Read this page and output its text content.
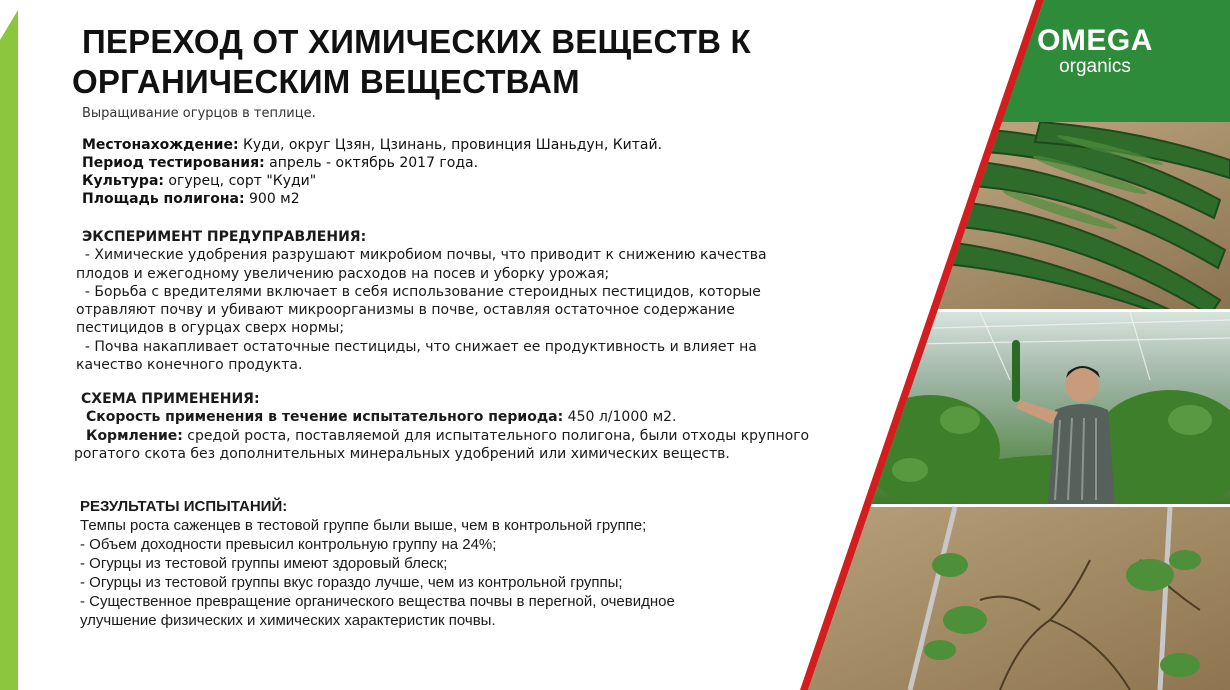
OMEGA
organics
ПЕРЕХОД ОТ ХИМИЧЕСКИХ ВЕЩЕСТВ К
ОРГАНИЧЕСКИМ ВЕЩЕСТВАМ
Выращивание огурцов в теплице.
Местонахождение: Куди, округ Цзян, Цзинань, провинция Шаньдун, Китай.
Период тестирования: апрель - октябрь 2017 года.
Культура: огурец, сорт "Куди"
Площадь полигона: 900 м2

ЭКСПЕРИМЕНТ ПРЕДУПРАВЛЕНИЯ:

- Химические удобрения разрушают микробиом почвы, что приводит к снижению качества

плодов и ежегодному увеличению расходов на посев и уборку урожая;

- Борьба с вредителями включает в себя использование стероидных пестицидов, которые

отравляют почву и убивают микроорганизмы в почве, оставляя остаточное содержание

пестицидов в огурцах сверх нормы;

- Почва накапливает остаточные пестициды, что снижает ее продуктивность и влияет на

качество конечного продукта.

СХЕМА ПРИМЕНЕНИЯ:

Скорость применения в течение испытательного периода: 450 л/1000 м2.

Кормление: средой роста, поставляемой для испытательного полигона, были отходы крупного

рогатого скота без дополнительных минеральных удобрений или химических веществ.

РЕЗУЛЬТАТЫ ИСПЫТАНИЙ:

Темпы роста саженцев в тестовой группе были выше, чем в контрольной группе;

- Объем доходности превысил контрольную группу на 24%;

- Огурцы из тестовой группы имеют здоровый блеск;

- Огурцы из тестовой группы вкус гораздо лучше, чем из контрольной группы;

- Существенное превращение органического вещества почвы в перегной, очевидное

улучшение физических и химических характеристик почвы.
